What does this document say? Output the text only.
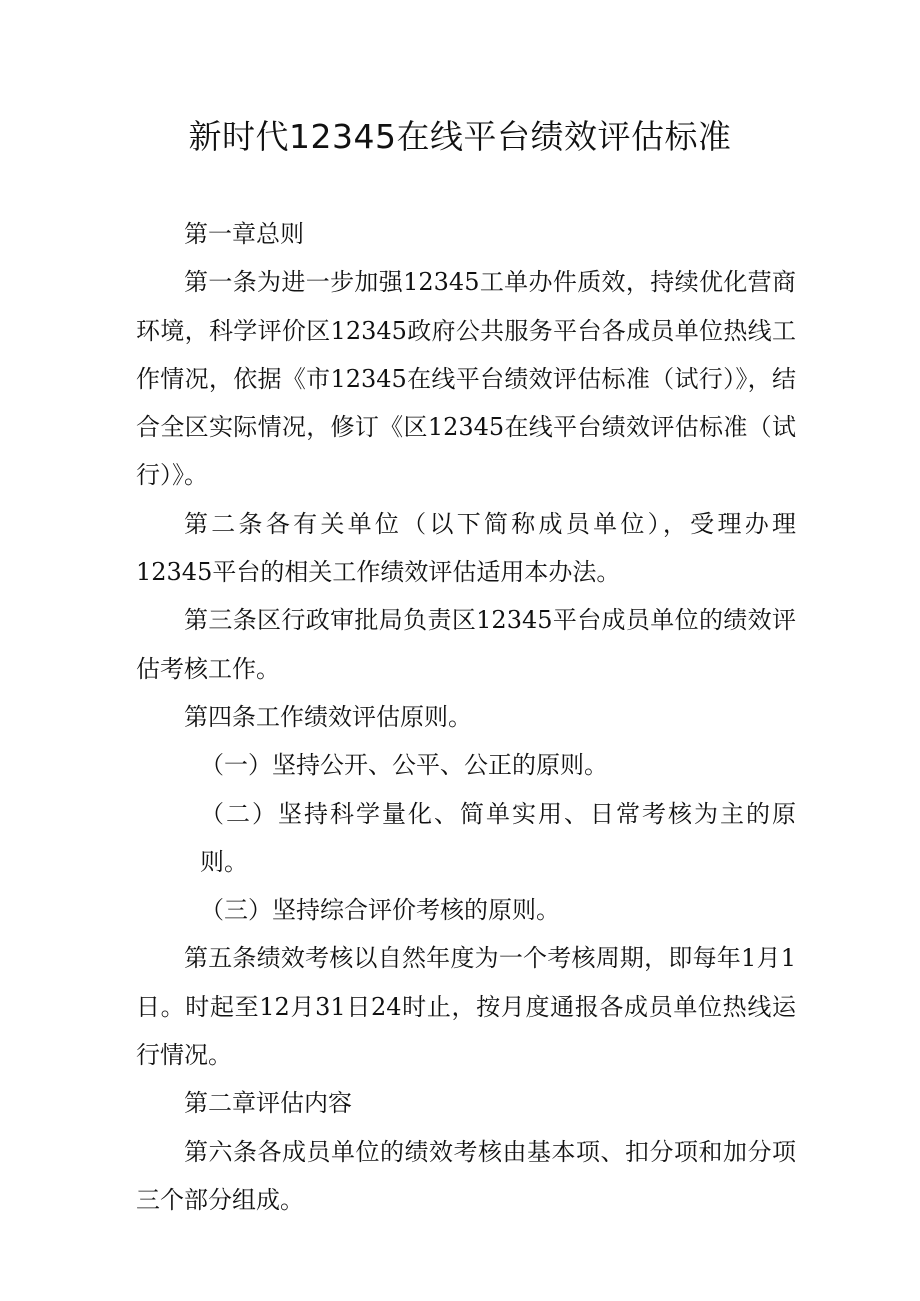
新时代12345在线平台绩效评估标准

第一章总则

第一条为进一步加强12345工单办件质效，持续优化营商环境，科学评价区12345政府公共服务平台各成员单位热线工作情况，依据《市12345在线平台绩效评估标准（试行）》，结合全区实际情况，修订《区12345在线平台绩效评估标准（试行）》。

第二条各有关单位（以下简称成员单位），受理办理12345平台的相关工作绩效评估适用本办法。

第三条区行政审批局负责区12345平台成员单位的绩效评估考核工作。

第四条工作绩效评估原则。

（一）坚持公开、公平、公正的原则。

（二）坚持科学量化、简单实用、日常考核为主的原则。

（三）坚持综合评价考核的原则。

第五条绩效考核以自然年度为一个考核周期，即每年1月1日。时起至12月31日24时止，按月度通报各成员单位热线运行情况。

第二章评估内容

第六条各成员单位的绩效考核由基本项、扣分项和加分项三个部分组成。
